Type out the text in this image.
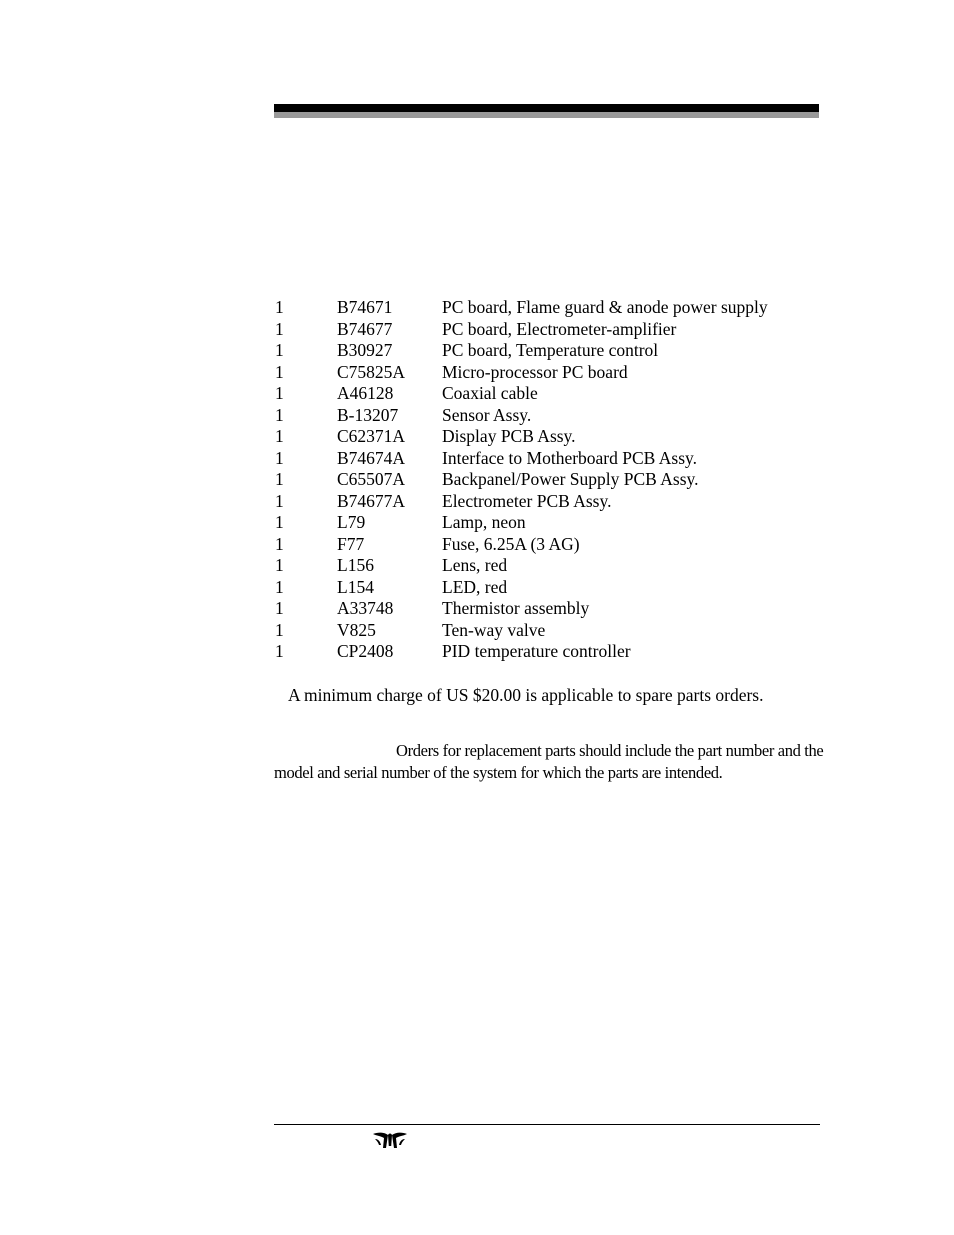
1	B74671	PC board, Flame guard & anode power supply
1	B74677	PC board, Electrometer-amplifier
1	B30927	PC board, Temperature control
1	C75825A Micro-processor PC board
1	A46128	Coaxial cable
1	B-13207	Sensor Assy.
1	C62371A Display PCB Assy.
1	B74674A Interface to Motherboard PCB Assy.
1	C65507A Backpanel/Power Supply PCB Assy.
1	B74677A Electrometer PCB Assy.
1	L79	Lamp, neon
1	F77	Fuse, 6.25A (3 AG)
1	L156	Lens, red
1	L154	LED, red
1	A33748	Thermistor assembly
1	V825	Ten-way valve
1	CP2408	PID temperature controller
A minimum charge of US $20.00 is applicable to spare parts orders.
Orders for replacement parts should include the part number and the model and serial number of the system for which the parts are intended.
